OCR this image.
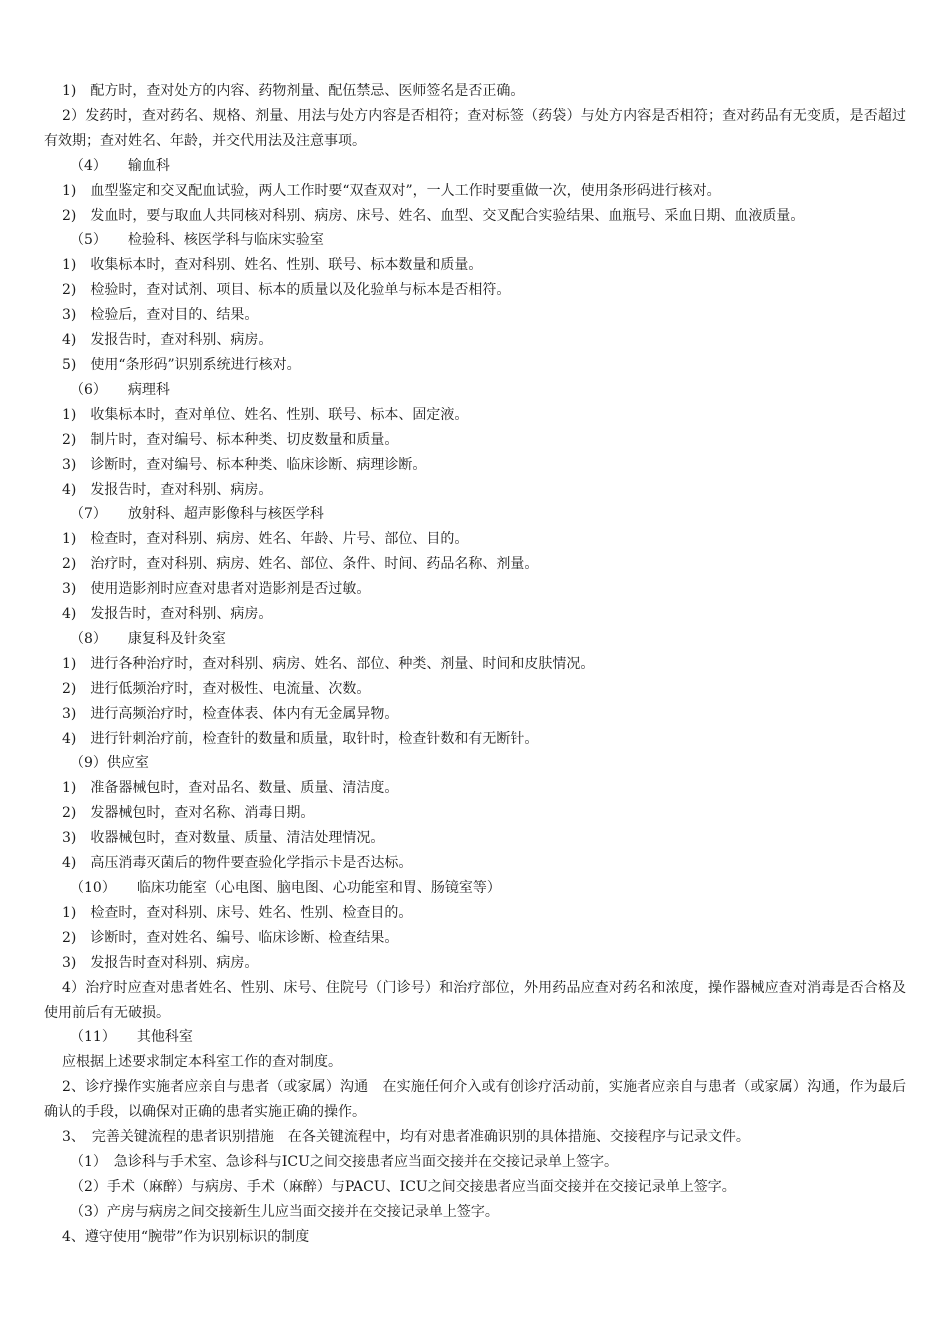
1)　配方时，查对处方的内容、药物剂量、配伍禁忌、医师签名是否正确。
2）发药时，查对药名、规格、剂量、用法与处方内容是否相符；查对标签（药袋）与处方内容是否相符；查对药品有无变质，是否超过有效期；查对姓名、年龄，并交代用法及注意事项。
（4）　　输血科
1)　血型鉴定和交叉配血试验，两人工作时要“双查双对”，一人工作时要重做一次，使用条形码进行核对。
2)　发血时，要与取血人共同核对科别、病房、床号、姓名、血型、交叉配合实验结果、血瓶号、采血日期、血液质量。
（5）　　检验科、核医学科与临床实验室
1)　收集标本时，查对科别、姓名、性别、联号、标本数量和质量。
2)　检验时，查对试剂、项目、标本的质量以及化验单与标本是否相符。
3)　检验后，查对目的、结果。
4)　发报告时，查对科别、病房。
5)　使用“条形码”识别系统进行核对。
（6）　　病理科
1)　收集标本时，查对单位、姓名、性别、联号、标本、固定液。
2)　制片时，查对编号、标本种类、切皮数量和质量。
3)　诊断时，查对编号、标本种类、临床诊断、病理诊断。
4)　发报告时，查对科别、病房。
（7）　　放射科、超声影像科与核医学科
1)　检查时，查对科别、病房、姓名、年龄、片号、部位、目的。
2)　治疗时，查对科别、病房、姓名、部位、条件、时间、药品名称、剂量。
3)　使用造影剂时应查对患者对造影剂是否过敏。
4)　发报告时，查对科别、病房。
（8）　　康复科及针灸室
1)　进行各种治疗时，查对科别、病房、姓名、部位、种类、剂量、时间和皮肤情况。
2)　进行低频治疗时，查对极性、电流量、次数。
3)　进行高频治疗时，检查体表、体内有无金属异物。
4)　进行针刺治疗前，检查针的数量和质量，取针时，检查针数和有无断针。
（9）供应室
1)　准备器械包时，查对品名、数量、质量、清洁度。
2)　发器械包时，查对名称、消毒日期。
3)　收器械包时，查对数量、质量、清洁处理情况。
4)　高压消毒灭菌后的物件要查验化学指示卡是否达标。
（10）　　临床功能室（心电图、脑电图、心功能室和胃、肠镜室等）
1)　检查时，查对科别、床号、姓名、性别、检查目的。
2)　诊断时，查对姓名、编号、临床诊断、检查结果。
3)　发报告时查对科别、病房。
4）治疗时应查对患者姓名、性别、床号、住院号（门诊号）和治疗部位，外用药品应查对药名和浓度，操作器械应查对消毒是否合格及使用前后有无破损。
（11）　　其他科室
应根据上述要求制定本科室工作的查对制度。
2、诊疗操作实施者应亲自与患者（或家属）沟通　在实施任何介入或有创诊疗活动前，实施者应亲自与患者（或家属）沟通，作为最后确认的手段，以确保对正确的患者实施正确的操作。
3、　完善关键流程的患者识别措施　在各关键流程中，均有对患者准确识别的具体措施、交接程序与记录文件。
（1）　急诊科与手术室、急诊科与ICU之间交接患者应当面交接并在交接记录单上签字。
（2）手术（麻醉）与病房、手术（麻醉）与PACU、ICU之间交接患者应当面交接并在交接记录单上签字。
（3）产房与病房之间交接新生儿应当面交接并在交接记录单上签字。
4、遵守使用“腕带”作为识别标识的制度
